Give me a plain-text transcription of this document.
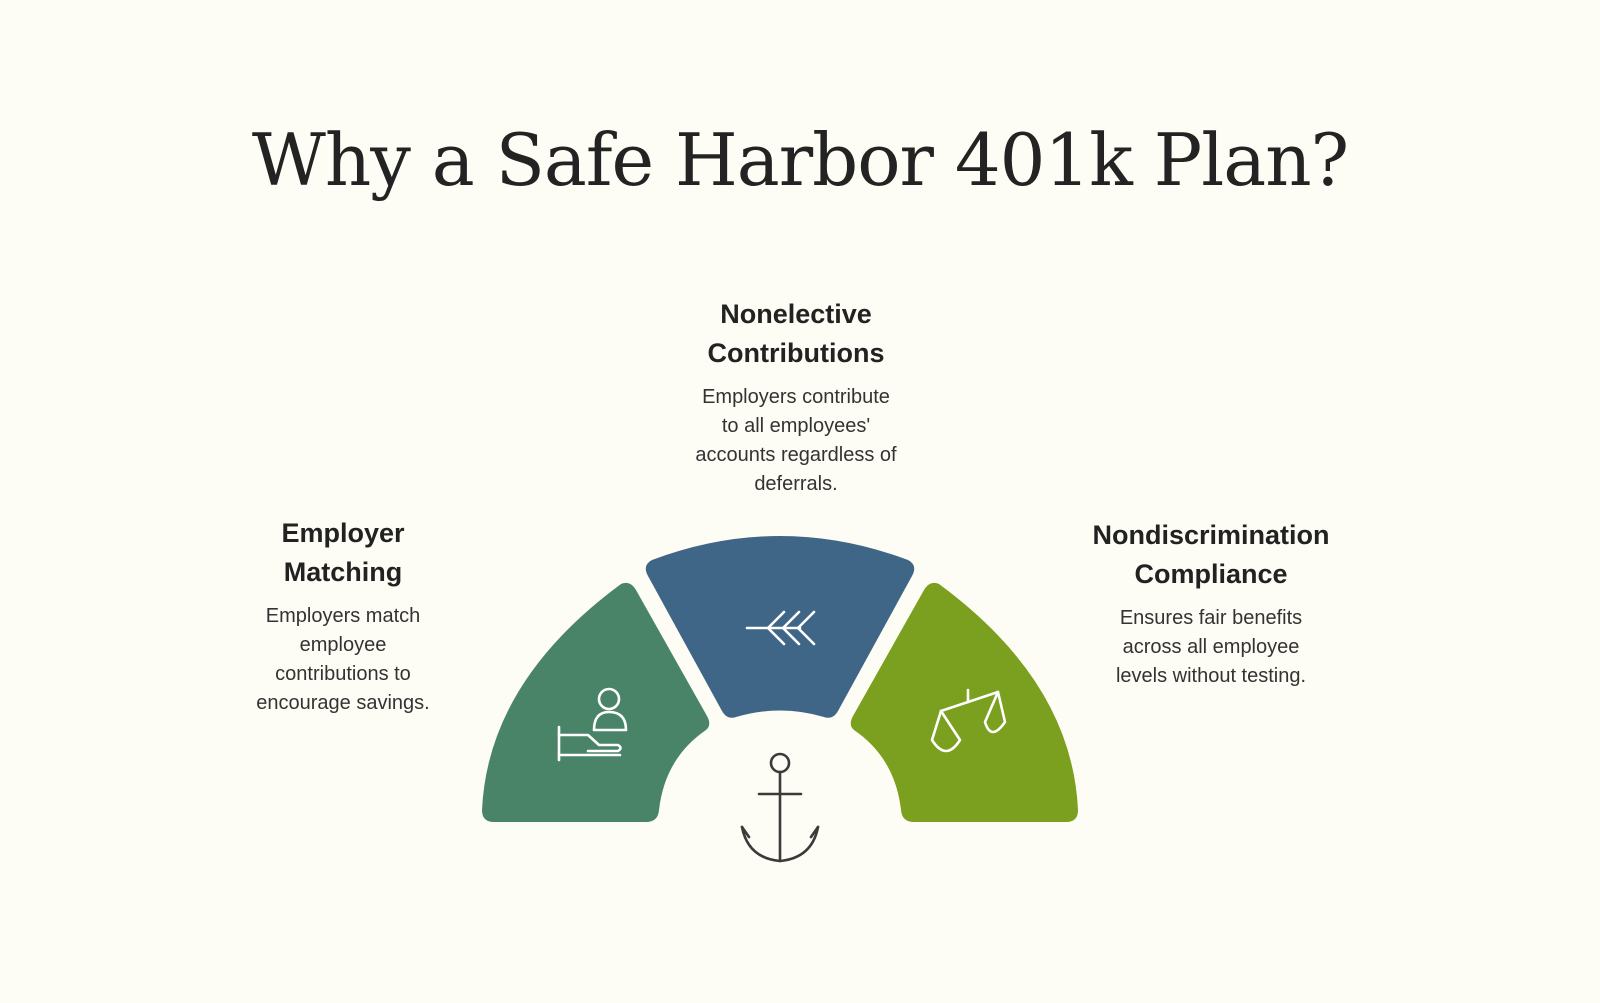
Why a Safe Harbor 401k Plan?
Nonelective Contributions

Employers contribute to all employees' accounts regardless of deferrals.

Employer Matching

Employers match employee contributions to encourage savings.

Nondiscrimination Compliance

Ensures fair benefits across all employee levels without testing.
